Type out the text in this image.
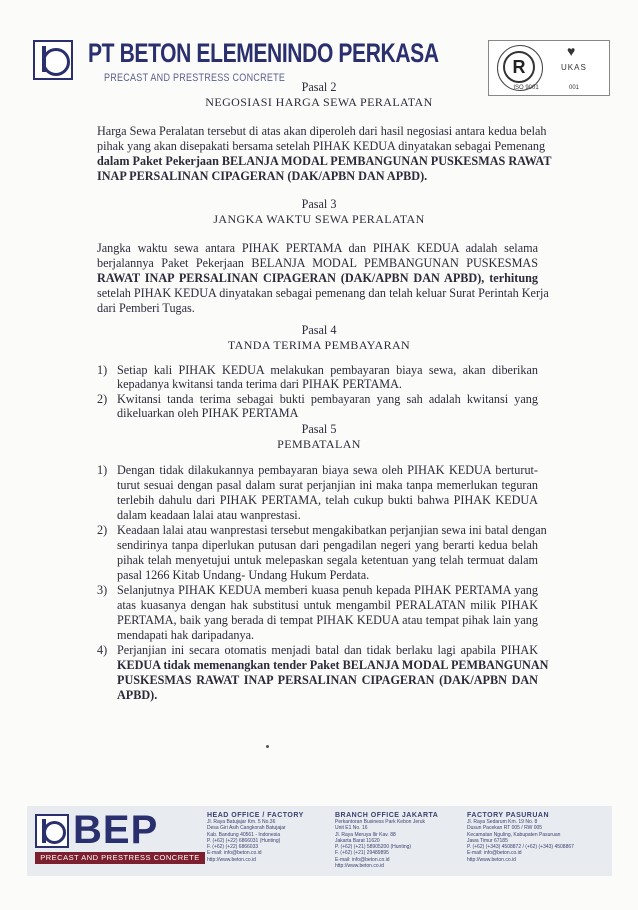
PT BETON ELEMENINDO PERKASA
PRECAST AND PRESTRESS CONCRETE
R
♥
UKAS
ISO 9001	001
Pasal 2
NEGOSIASI HARGA SEWA PERALATAN
Harga Sewa Peralatan tersebut di atas akan diperoleh dari hasil negosiasi antara kedua belah
pihak yang akan disepakati bersama setelah PIHAK KEDUA dinyatakan sebagai Pemenang
dalam Paket Pekerjaan BELANJA MODAL PEMBANGUNAN PUSKESMAS RAWAT
INAP PERSALINAN CIPAGERAN (DAK/APBN DAN APBD).
Pasal 3
JANGKA WAKTU SEWA PERALATAN
Jangka waktu sewa antara PIHAK PERTAMA dan PIHAK KEDUA adalah selama
berjalannya Paket Pekerjaan BELANJA MODAL PEMBANGUNAN PUSKESMAS
RAWAT INAP PERSALINAN CIPAGERAN (DAK/APBN DAN APBD), terhitung
setelah PIHAK KEDUA dinyatakan sebagai pemenang dan telah keluar Surat Perintah Kerja
dari Pemberi Tugas.
Pasal 4
TANDA TERIMA PEMBAYARAN
1) Setiap kali PIHAK KEDUA melakukan pembayaran biaya sewa, akan diberikan
kepadanya kwitansi tanda terima dari PIHAK PERTAMA.
2) Kwitansi tanda terima sebagai bukti pembayaran yang sah adalah kwitansi yang
dikeluarkan oleh PIHAK PERTAMA
Pasal 5
PEMBATALAN
1) Dengan tidak dilakukannya pembayaran biaya sewa oleh PIHAK KEDUA berturut-
turut sesuai dengan pasal dalam surat perjanjian ini maka tanpa memerlukan teguran
terlebih dahulu dari PIHAK PERTAMA, telah cukup bukti bahwa PIHAK KEDUA
dalam keadaan lalai atau wanprestasi.
2) Keadaan lalai atau wanprestasi tersebut mengakibatkan perjanjian sewa ini batal dengan
sendirinya tanpa diperlukan putusan dari pengadilan negeri yang berarti kedua belah
pihak telah menyetujui untuk melepaskan segala ketentuan yang telah termuat dalam
pasal 1266 Kitab Undang- Undang Hukum Perdata.
3) Selanjutnya PIHAK KEDUA memberi kuasa penuh kepada PIHAK PERTAMA yang
atas kuasanya dengan hak substitusi untuk mengambil PERALATAN milik PIHAK
PERTAMA, baik yang berada di tempat PIHAK KEDUA atau tempat pihak lain yang
mendapati hak daripadanya.
4) Perjanjian ini secara otomatis menjadi batal dan tidak berlaku lagi apabila PIHAK
KEDUA tidak memenangkan tender Paket BELANJA MODAL PEMBANGUNAN
PUSKESMAS RAWAT INAP PERSALINAN CIPAGERAN (DAK/APBN DAN
APBD).
BEP
PRECAST AND PRESTRESS CONCRETE
HEAD OFFICE / FACTORY
Jl. Raya Batujajar Km. 5 No.36
Desa Giri Asih Cangkorah Batujajar
Kab. Bandung 40561 - Indonesia
P. (+62) (+22) 6866031 (Hunting)
F. (+62) (+22) 6866033
E-mail: info@beton.co.id
http://www.beton.co.id
BRANCH OFFICE JAKARTA
Perkantoran Business Park Kebon Jeruk
Unit E1 No. 16
Jl. Raya Meruya Ilir Kav. 88
Jakarta Barat 11620
P. (+62) (+21) 58905200 (Hunting)
F. (+62) (+21) 29489895
E-mail: info@beton.co.id
http://www.beton.co.id
FACTORY PASURUAN
Jl. Raya Sedarum Km. 19 No. 8
Dusun Pacekan RT 005 / RW 005
Kecamatan Nguling, Kabupaten Pasuruan
Jawa Timur 67185
P. (+62) (+343) 4508872 / (+62) (+343) 4508867
E-mail: info@beton.co.id
http://www.beton.co.id
